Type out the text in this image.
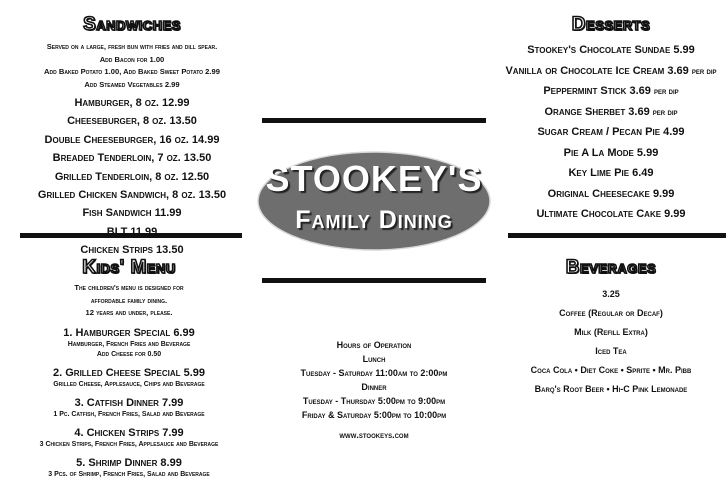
Sandwiches
Served on a large, fresh bun with fries and dill spear.
Add Bacon for 1.00
Add Baked Potato 1.00, Add Baked Sweet Potato 2.99
Add Steamed Vegetables 2.99
Hamburger, 8 oz. 12.99
Cheeseburger, 8 oz. 13.50
Double Cheeseburger, 16 oz. 14.99
Breaded Tenderloin, 7 oz. 13.50
Grilled Tenderloin, 8 oz. 12.50
Grilled Chicken Sandwich, 8 oz. 13.50
Fish Sandwich 11.99
BLT 11.99
Chicken Strips 13.50
Desserts
Stookey's Chocolate Sundae 5.99
Vanilla or Chocolate Ice Cream 3.69 per dip
Peppermint Stick 3.69 per dip
Orange Sherbet 3.69 per dip
Sugar Cream / Pecan Pie 4.99
Pie A La Mode 5.99
Key Lime Pie 6.49
Original Cheesecake 9.99
Ultimate Chocolate Cake 9.99
STOOKEY'S
Family Dining
Kids' Menu
The children's menu is designed for
affordable family dining.
12 years and under, please.
1. Hamburger Special 6.99
Hamburger, French Fries and Beverage
Add Cheese for 0.50
2. Grilled Cheese Special 5.99
Grilled Cheese, Applesauce, Chips and Beverage
3. Catfish Dinner 7.99
1 Pc. Catfish, French Fries, Salad and Beverage
4. Chicken Strips 7.99
3 Chicken Strips, French Fries, Applesauce and Beverage
5. Shrimp Dinner 8.99
3 Pcs. of Shrimp, French Fries, Salad and Beverage
Hours of Operation
Lunch
Tuesday - Saturday 11:00am to 2:00pm
Dinner
Tuesday - Thursday 5:00pm to 9:00pm
Friday & Saturday 5:00pm to 10:00pm
www.stookeys.com
Beverages
3.25
Coffee (Regular or Decaf)
Milk (Refill Extra)
Iced Tea
Coca Cola • Diet Coke • Sprite • Mr. Pibb
Barq's Root Beer • Hi-C Pink Lemonade
